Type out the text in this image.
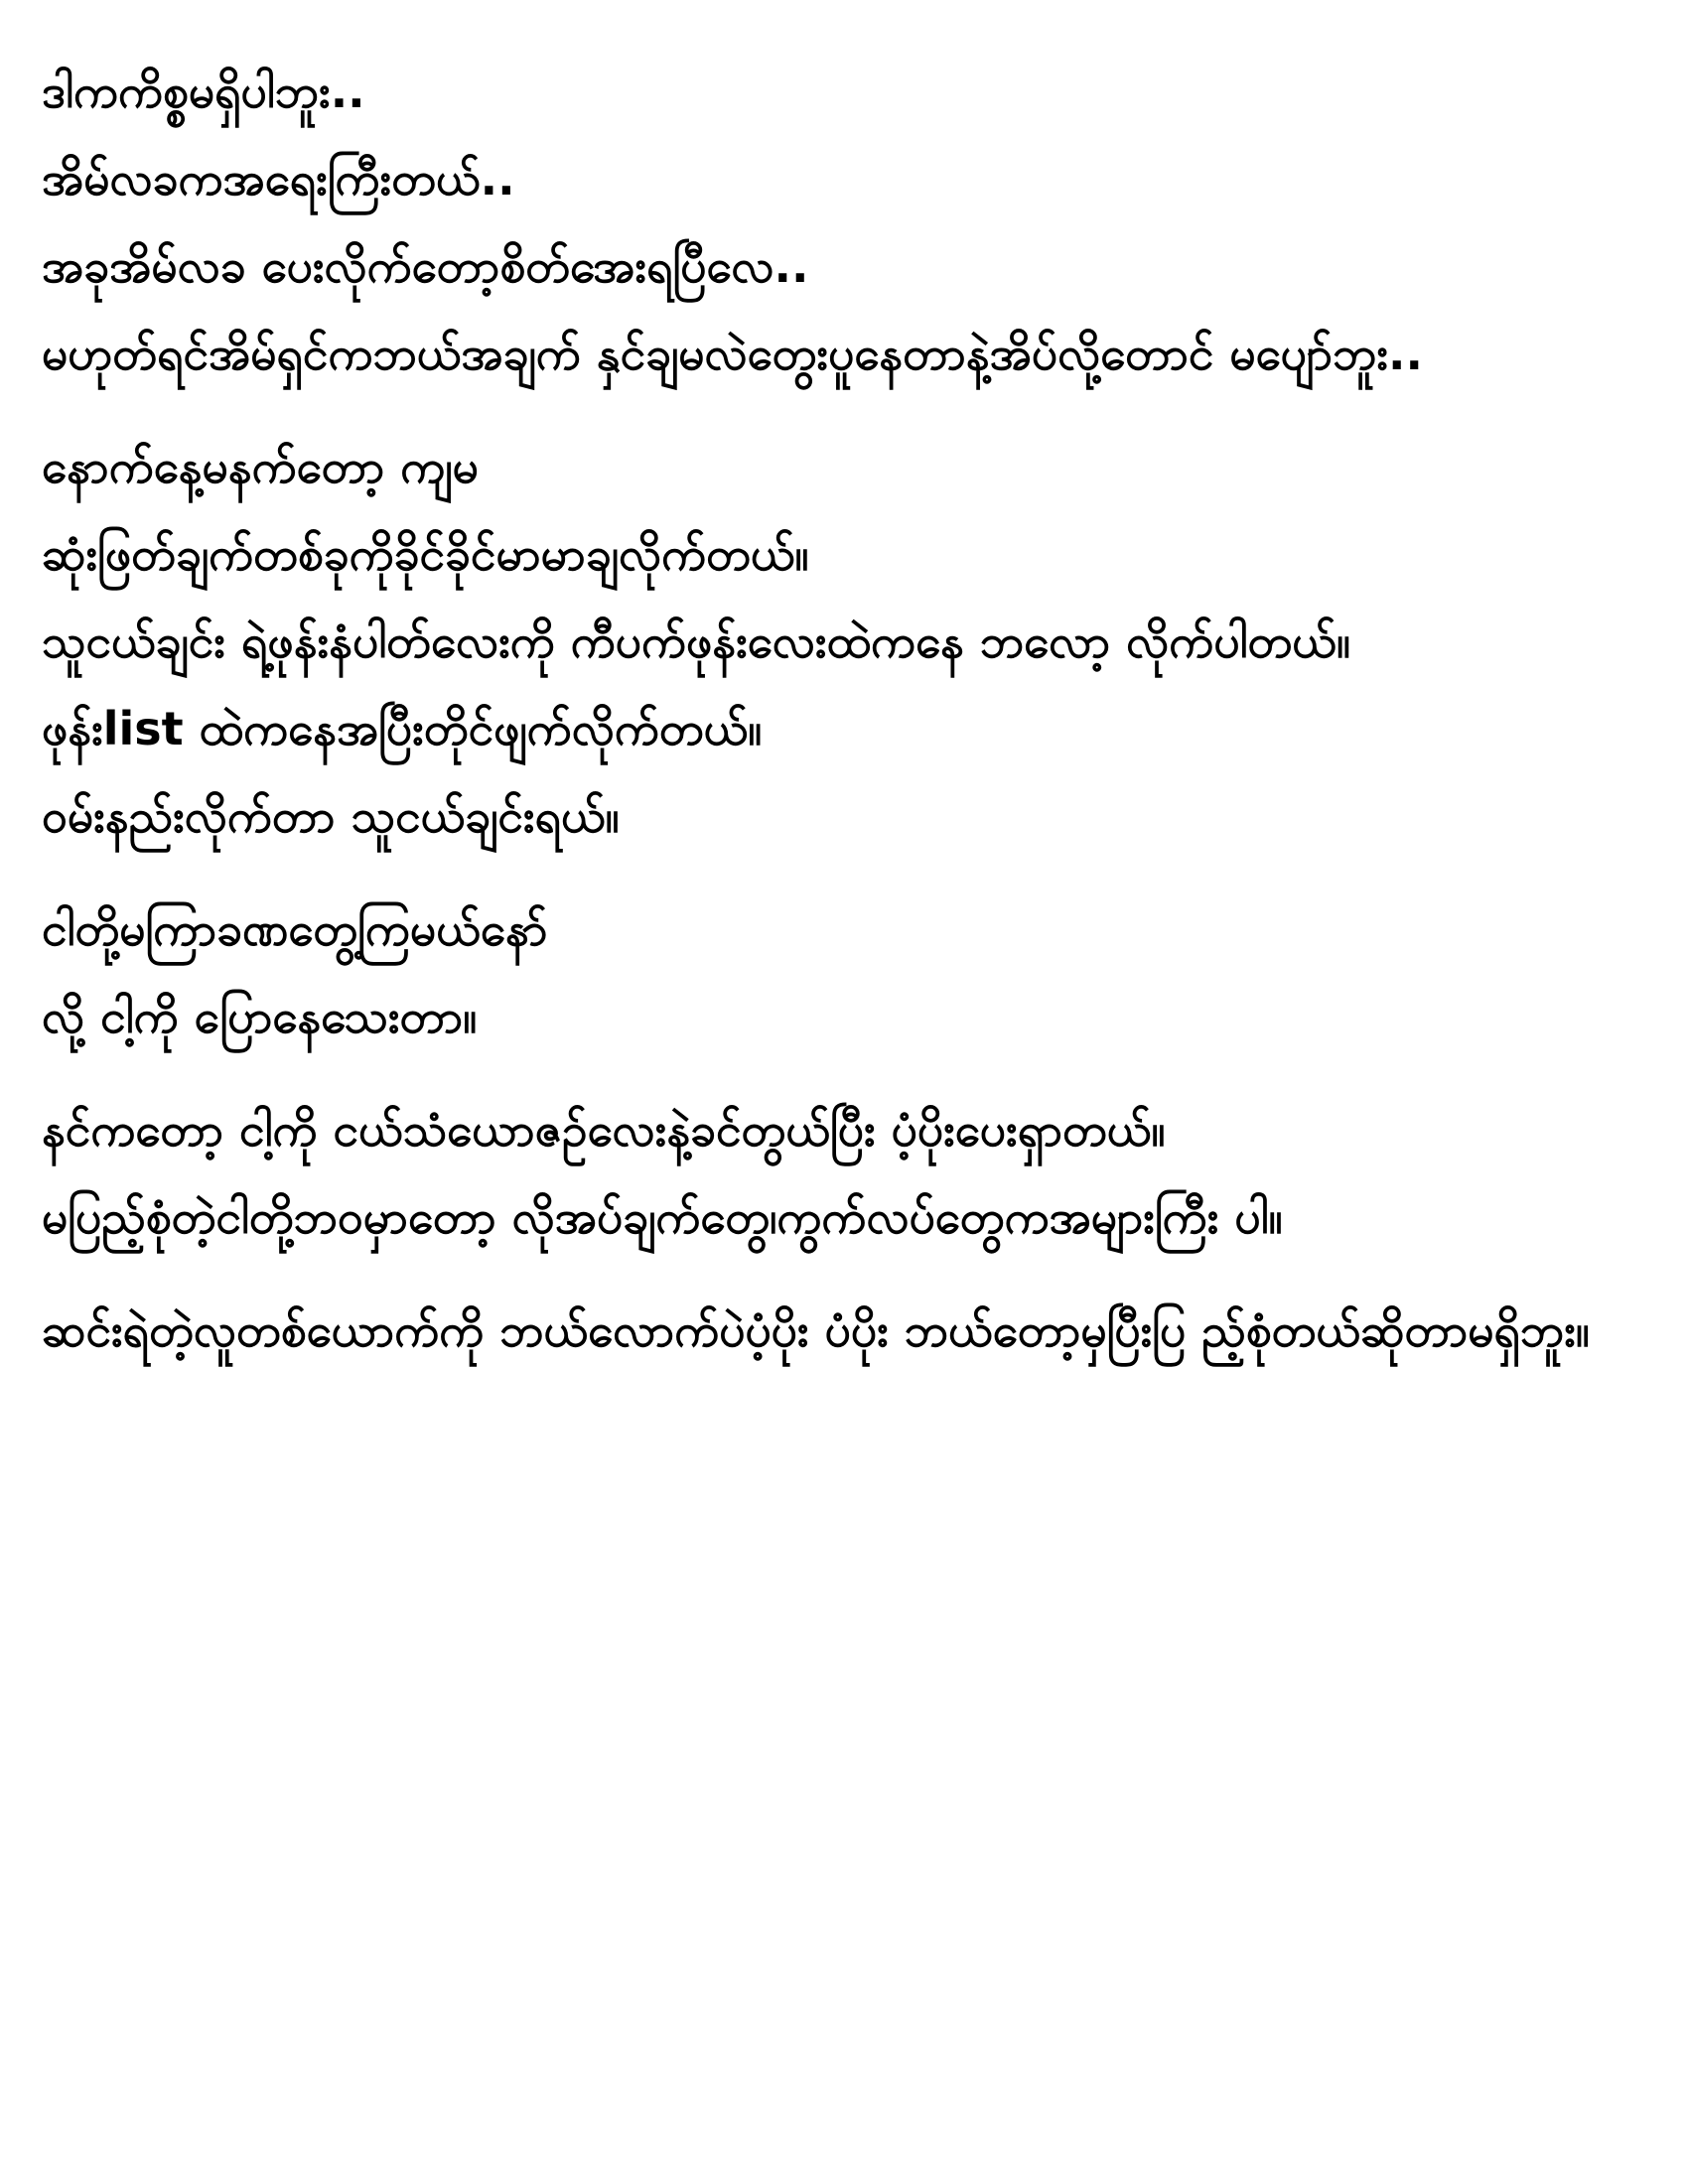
ဒါကကိစ္စမရှိပါဘူး..

အိမ်လခကအရေးကြီးတယ်..

အခုအိမ်လခ ပေးလိုက်တော့စိတ်အေးရပြီလေ..

မဟုတ်ရင်အိမ်ရှင်ကဘယ်အချက် နှင်ချမလဲတွေးပူနေတာနဲ့အိပ်လို့တောင် မပျော်ဘူး..

နောက်နေ့မနက်တော့ ကျမ

ဆုံးဖြတ်ချက်တစ်ခုကိုခိုင်ခိုင်မာမာချလိုက်တယ်။

သူငယ်ချင်း ရဲ့ဖုန်းနံပါတ်လေးကို ကီပက်ဖုန်းလေးထဲကနေ ဘလော့ လိုက်ပါတယ်။

ဖုန်းlist ထဲကနေအပြီးတိုင်ဖျက်လိုက်တယ်။

ဝမ်းနည်းလိုက်တာ သူငယ်ချင်းရယ်။

ငါတို့မကြာခဏတွေ့ကြမယ်နော်

လို့ ငါ့ကို ပြောနေသေးတာ။

နင်ကတော့ ငါ့ကို ငယ်သံယောဇဉ်လေးနဲ့ခင်တွယ်ပြီး ပံ့ပိုးပေးရှာတယ်။

မပြည့်စုံတဲ့ငါတို့ဘဝမှာတော့ လိုအပ်ချက်တွေ၊ကွက်လပ်တွေကအများကြီး ပါ။

ဆင်းရဲတဲ့လူတစ်ယောက်ကို ဘယ်လောက်ပဲပံ့ပိုး ပံပိုး ဘယ်တော့မှပြီးပြ ည့်စုံတယ်ဆိုတာမရှိဘူး။
